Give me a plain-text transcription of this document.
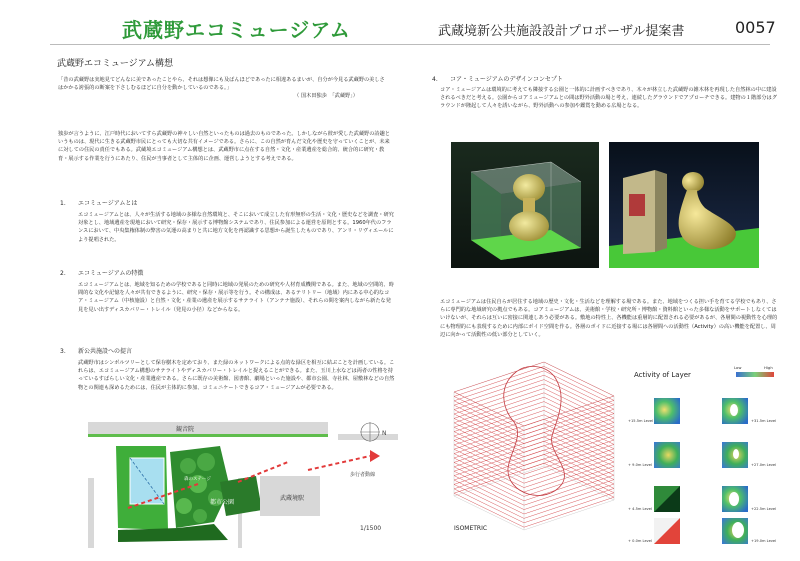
武蔵野エコミュージアム	武蔵境新公共施設設計プロポーザル提案書	0057
武蔵野エコミュージアム構想
「昔の武蔵野は実地見てどんなに美であったことやら、それは想像にも及ばんほどであったに相違あるまいが、自分が今見る武蔵野の美しさはかかる誇張的の断案を下さしむるほどに自分を動かしているのである。」
（ 国木田独歩　「武蔵野」）
独歩が言うように、江戸時代においてすら武蔵野の神々しい自然といったものは過去のものであった。しかしながら彼が愛した武蔵野の詩趣というものは、現代に生きる武蔵野市民にとっても大切な共有イメージである。さらに、この自然が育んだ文化や歴史を守っていくことが、未来に対しての住民の責任でもある。武蔵境エコミュージアム構想とは、武蔵野市に点在する自然・文化・産業遺産を総合的、統合的に研究・教育・展示する作業を行うにあたり、住民が当事者として主体的に企画、運営しようとする考えである。
1. エコミュージアムとは
エコミュージアムとは、人々が生活する地域の多様な自然環境と、そこにおいて成立した有形無形の生活・文化・歴史などを調査・研究対象とし、地域遺産を現地において研究・保存・展示する博物館システムであり、住民参加による運営を原則とする。1960年代のフランスにおいて、中央集権体制の弊害の気運の高まりと共に地方文化を再認識する思想から誕生したものであり、アンリ・リヴィエールにより提唱された。
2. エコミュージアムの特徴
エコミュージアムとは、地域を知るための学校であると同時に地域の発展のための研究や人材育成機関である。また、地域の空間的、時間的な文化や記憶を人々が共有できるように、研究・保存・展示等を行う。その構成は、あるテリトリー（地域）内にある中心的なコア・ミュージアム（中核施設）と自然・文化・産業の遺産を展示するサテライト（アンテナ施設）、それらの間を案内しながら新たな発見を見い出すディスカバリー・トレイル（発見の小径）などからなる。
3. 新公共施設への提言
武蔵野市はシンボルツリーとして保存樹木を定めており、また緑のネットワークによる点的な緑区を相互に結ぶことを計画している。これらは、エコミュージアム構想のサテライトやディスカバリー・トレイルと捉えることができる。また、玉川上水などは両者の性格を持っているすばらしい文化・産業遺産である。さらに既存の美術館、図書館、劇場といった施設や、都市公園、寺社林、屋敷林などの自然物との関連も深めるためには、住民が主体的に参加、コミュニケートできるコア・ミュージアムが必要である。
N
観音院
都市公園
森のステージ
武蔵境駅
歩行者動線
1/1500
4. コア・ミュージアムのデザインコンセプト
コア・ミュージアムは環境的に考えても隣接する公園と一体的に計画すべきであり、木々が林立した武蔵野の雑木林を再現した自然林の中に建設されるべきだと考える。公園からコアミュージアムとの間は野外活動の場と考え、連続したグラウンドでアプローチできる。建物の１階部分はグラウンドが隆起して人々を誘いながら、野外活動への参加や鑑賞を動める広場となる。
エコミュージアムは住民自らが居住する地域の歴史・文化・生活などを理解する場である。また、地域をつくる担い手を育てる学校でもあり、さらに専門的な地域研究の拠点でもある。コアミュージアムは、美術館・学校・研究所・博物館・資料館といった多様な活動をサポートしなくてはいけないが、それらは互いに密接に関連しあう必要がある。敷地の特性上、各機能は重層的に配置される必要があるが、各層間の視動性を心理的にも物理的にも表現するために内部にボイド空間を作る。各層のボイドに近接する場には各層間への活動性（Activity）の高い機能を配置し、周辺に向かって活動性の低い部分としていく。
ISOMETRIC
Activity of Layer
Low	High
+15.5m Level
+ 9.0m Level
+ 4.5m Level
+ 0.0m Level
+31.5m Level
+27.0m Level
+22.5m Level
+19.0m Level
